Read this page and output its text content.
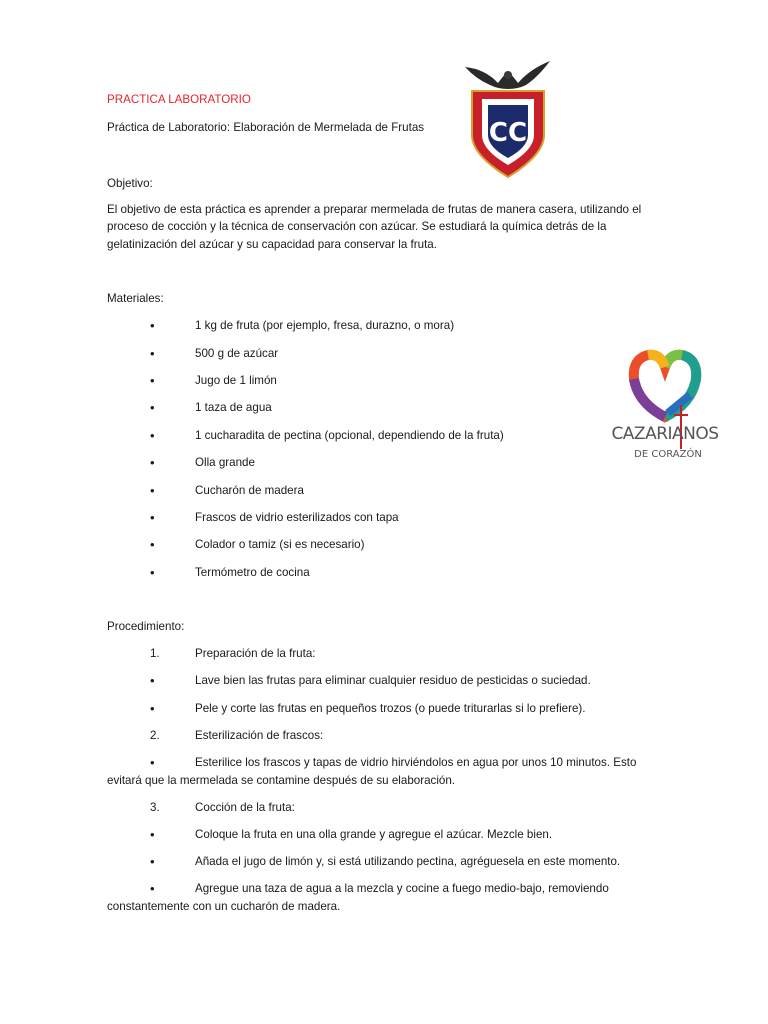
PRACTICA LABORATORIO
Práctica de Laboratorio: Elaboración de Mermelada de Frutas CC
Objetivo:
El objetivo de esta práctica es aprender a preparar mermelada de frutas de manera casera, utilizando el
proceso de cocción y la técnica de conservación con azúcar. Se estudiará la química detrás de la
gelatinización del azúcar y su capacidad para conservar la fruta.
Materiales:
•	1 kg de fruta (por ejemplo, fresa, durazno, o mora)
•	500 g de azúcar
•	Jugo de 1 limón
•	1 taza de agua
•	1 cucharadita de pectina (opcional, dependiendo de la fruta)
•	Olla grande
•	Cucharón de madera
•	Frascos de vidrio esterilizados con tapa
•	Colador o tamiz (si es necesario)
•	Termómetro de cocina
CAZARIANOS
DE CORAZÓN
Procedimiento:
1.	Preparación de la fruta:
•	Lave bien las frutas para eliminar cualquier residuo de pesticidas o suciedad.
•	Pele y corte las frutas en pequeños trozos (o puede triturarlas si lo prefiere).
2.	Esterilización de frascos:
•	Esterilice los frascos y tapas de vidrio hirviéndolos en agua por unos 10 minutos. Esto
evitará que la mermelada se contamine después de su elaboración.
3.	Cocción de la fruta:
•	Coloque la fruta en una olla grande y agregue el azúcar. Mezcle bien.
•	Añada el jugo de limón y, si está utilizando pectina, agréguesela en este momento.
•	Agregue una taza de agua a la mezcla y cocine a fuego medio-bajo, removiendo
constantemente con un cucharón de madera.
